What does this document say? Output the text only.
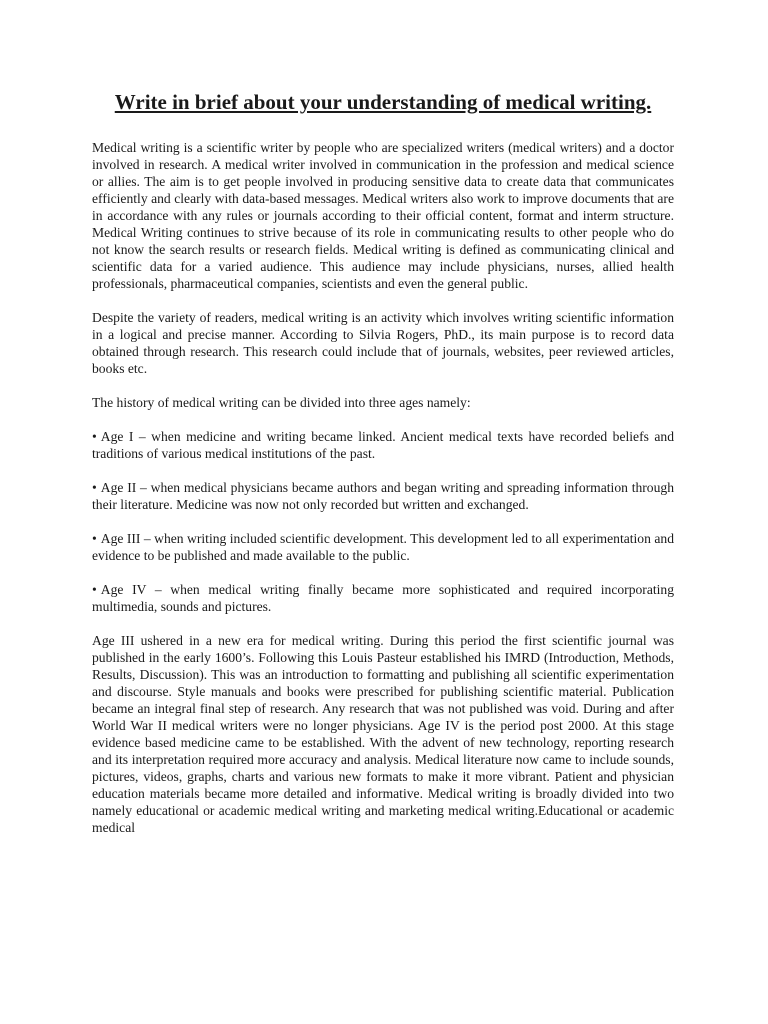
Write in brief about your understanding of medical writing.

Medical writing is a scientific writer by people who are specialized writers (medical writers) and a doctor involved in research. A medical writer involved in communication in the profession and medical science or allies. The aim is to get people involved in producing sensitive data to create data that communicates efficiently and clearly with data-based messages. Medical writers also work to improve documents that are in accordance with any rules or journals according to their official content, format and interm structure. Medical Writing continues to strive because of its role in communicating results to other people who do not know the search results or research fields. Medical writing is defined as communicating clinical and scientific data for a varied audience. This audience may include physicians, nurses, allied health professionals, pharmaceutical companies, scientists and even the general public.

Despite the variety of readers, medical writing is an activity which involves writing scientific information in a logical and precise manner. According to Silvia Rogers, PhD., its main purpose is to record data obtained through research. This research could include that of journals, websites, peer reviewed articles, books etc.

The history of medical writing can be divided into three ages namely:

• Age I – when medicine and writing became linked. Ancient medical texts have recorded beliefs and traditions of various medical institutions of the past.

• Age II – when medical physicians became authors and began writing and spreading information through their literature. Medicine was now not only recorded but written and exchanged.

• Age III – when writing included scientific development. This development led to all experimentation and evidence to be published and made available to the public.

• Age IV – when medical writing finally became more sophisticated and required incorporating multimedia, sounds and pictures.

Age III ushered in a new era for medical writing. During this period the first scientific journal was published in the early 1600’s. Following this Louis Pasteur established his IMRD (Introduction, Methods, Results, Discussion). This was an introduction to formatting and publishing all scientific experimentation and discourse. Style manuals and books were prescribed for publishing scientific material. Publication became an integral final step of research. Any research that was not published was void. During and after World War II medical writers were no longer physicians. Age IV is the period post 2000. At this stage evidence based medicine came to be established. With the advent of new technology, reporting research and its interpretation required more accuracy and analysis. Medical literature now came to include sounds, pictures, videos, graphs, charts and various new formats to make it more vibrant. Patient and physician education materials became more detailed and informative. Medical writing is broadly divided into two namely educational or academic medical writing and marketing medical writing.Educational or academic medical
